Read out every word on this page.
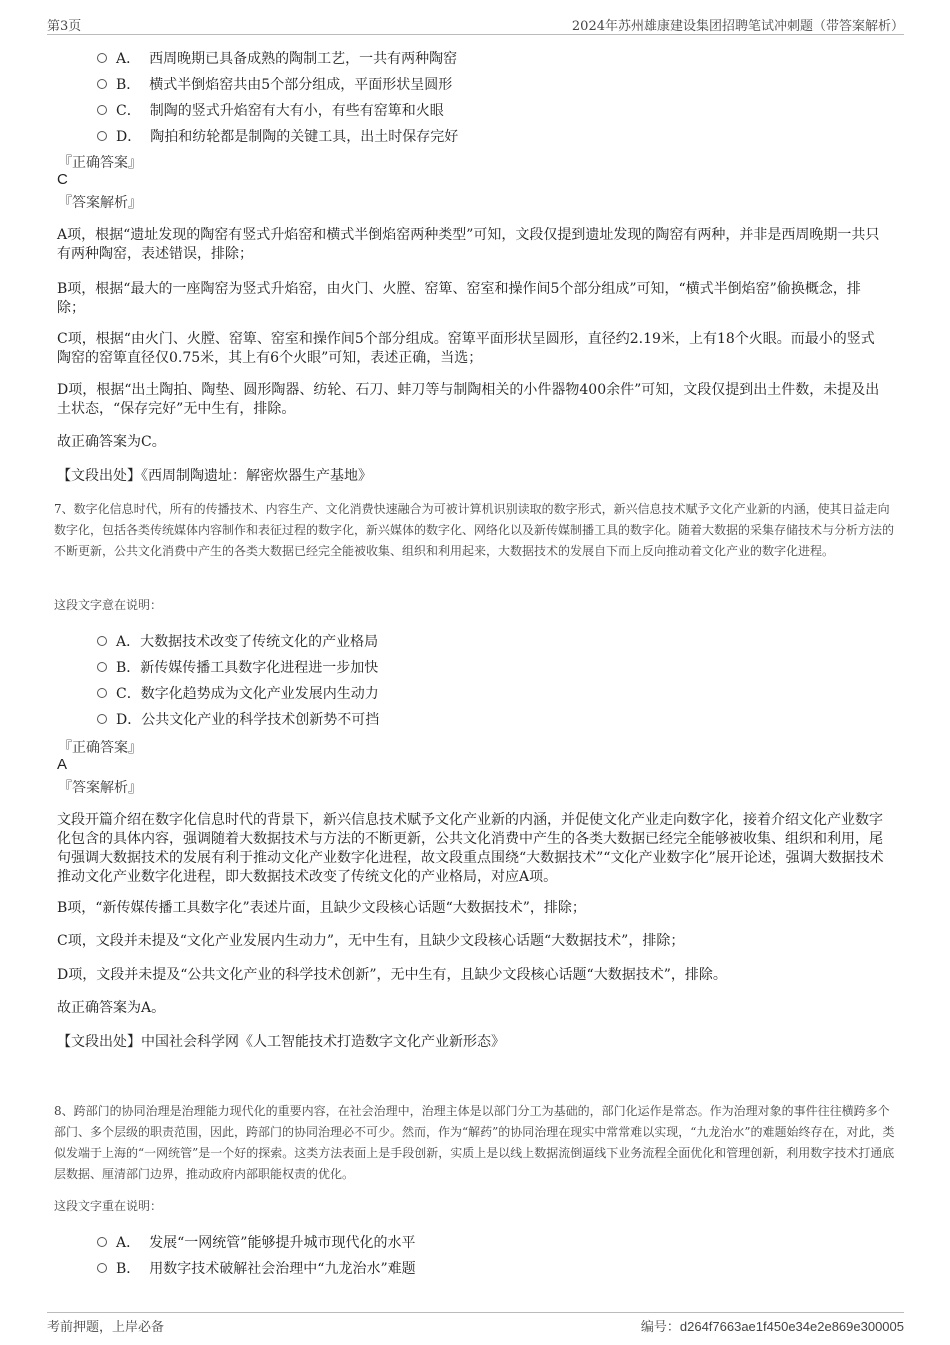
第3页	2024年苏州雄康建设集团招聘笔试冲刺题（带答案解析）
A． 西周晚期已具备成熟的陶制工艺，一共有两种陶窑
B． 横式半倒焰窑共由5个部分组成，平面形状呈圆形
C． 制陶的竖式升焰窑有大有小，有些有窑箄和火眼
D． 陶拍和纺轮都是制陶的关键工具，出土时保存完好
『正确答案』
C
『答案解析』
A项，根据“遗址发现的陶窑有竖式升焰窑和横式半倒焰窑两种类型”可知，文段仅提到遗址发现的陶窑有两种，并非是西周晚期一共只有两种陶窑，表述错误，排除；
B项，根据“最大的一座陶窑为竖式升焰窑，由火门、火膛、窑箄、窑室和操作间5个部分组成”可知，“横式半倒焰窑”偷换概念，排除；
C项，根据“由火门、火膛、窑箄、窑室和操作间5个部分组成。窑箄平面形状呈圆形，直径约2.19米，上有18个火眼。而最小的竖式陶窑的窑箄直径仅0.75米，其上有6个火眼”可知，表述正确，当选；
D项，根据“出土陶拍、陶垫、圆形陶器、纺轮、石刀、蚌刀等与制陶相关的小件器物400余件”可知，文段仅提到出土件数，未提及出土状态，“保存完好”无中生有，排除。
故正确答案为C。
【文段出处】《西周制陶遗址：解密炊器生产基地》
7、数字化信息时代，所有的传播技术、内容生产、文化消费快速融合为可被计算机识别读取的数字形式，新兴信息技术赋予文化产业新的内涵，使其日益走向数字化，包括各类传统媒体内容制作和表征过程的数字化，新兴媒体的数字化、网络化以及新传媒制播工具的数字化。随着大数据的采集存储技术与分析方法的不断更新，公共文化消费中产生的各类大数据已经完全能被收集、组织和利用起来，大数据技术的发展自下而上反向推动着文化产业的数字化进程。
这段文字意在说明：
A．大数据技术改变了传统文化的产业格局
B．新传媒传播工具数字化进程进一步加快
C．数字化趋势成为文化产业发展内生动力
D．公共文化产业的科学技术创新势不可挡
『正确答案』
A
『答案解析』
文段开篇介绍在数字化信息时代的背景下，新兴信息技术赋予文化产业新的内涵，并促使文化产业走向数字化，接着介绍文化产业数字化包含的具体内容，强调随着大数据技术与方法的不断更新，公共文化消费中产生的各类大数据已经完全能够被收集、组织和利用，尾句强调大数据技术的发展有利于推动文化产业数字化进程，故文段重点围绕“大数据技术”“文化产业数字化”展开论述，强调大数据技术推动文化产业数字化进程，即大数据技术改变了传统文化的产业格局，对应A项。
B项，“新传媒传播工具数字化”表述片面，且缺少文段核心话题“大数据技术”，排除；
C项，文段并未提及“文化产业发展内生动力”，无中生有，且缺少文段核心话题“大数据技术”，排除；
D项，文段并未提及“公共文化产业的科学技术创新”，无中生有，且缺少文段核心话题“大数据技术”，排除。
故正确答案为A。
【文段出处】中国社会科学网《人工智能技术打造数字文化产业新形态》
8、跨部门的协同治理是治理能力现代化的重要内容，在社会治理中，治理主体是以部门分工为基础的，部门化运作是常态。作为治理对象的事件往往横跨多个部门、多个层级的职责范围，因此，跨部门的协同治理必不可少。然而，作为“解药”的协同治理在现实中常常难以实现，“九龙治水”的难题始终存在，对此，类似发端于上海的“一网统管”是一个好的探索。这类方法表面上是手段创新，实质上是以线上数据流倒逼线下业务流程全面优化和管理创新，利用数字技术打通底层数据、厘清部门边界，推动政府内部职能权责的优化。
这段文字重在说明：
A． 发展“一网统管”能够提升城市现代化的水平
B． 用数字技术破解社会治理中“九龙治水”难题
考前押题，上岸必备	编号：d264f7663ae1f450e34e2e869e300005
